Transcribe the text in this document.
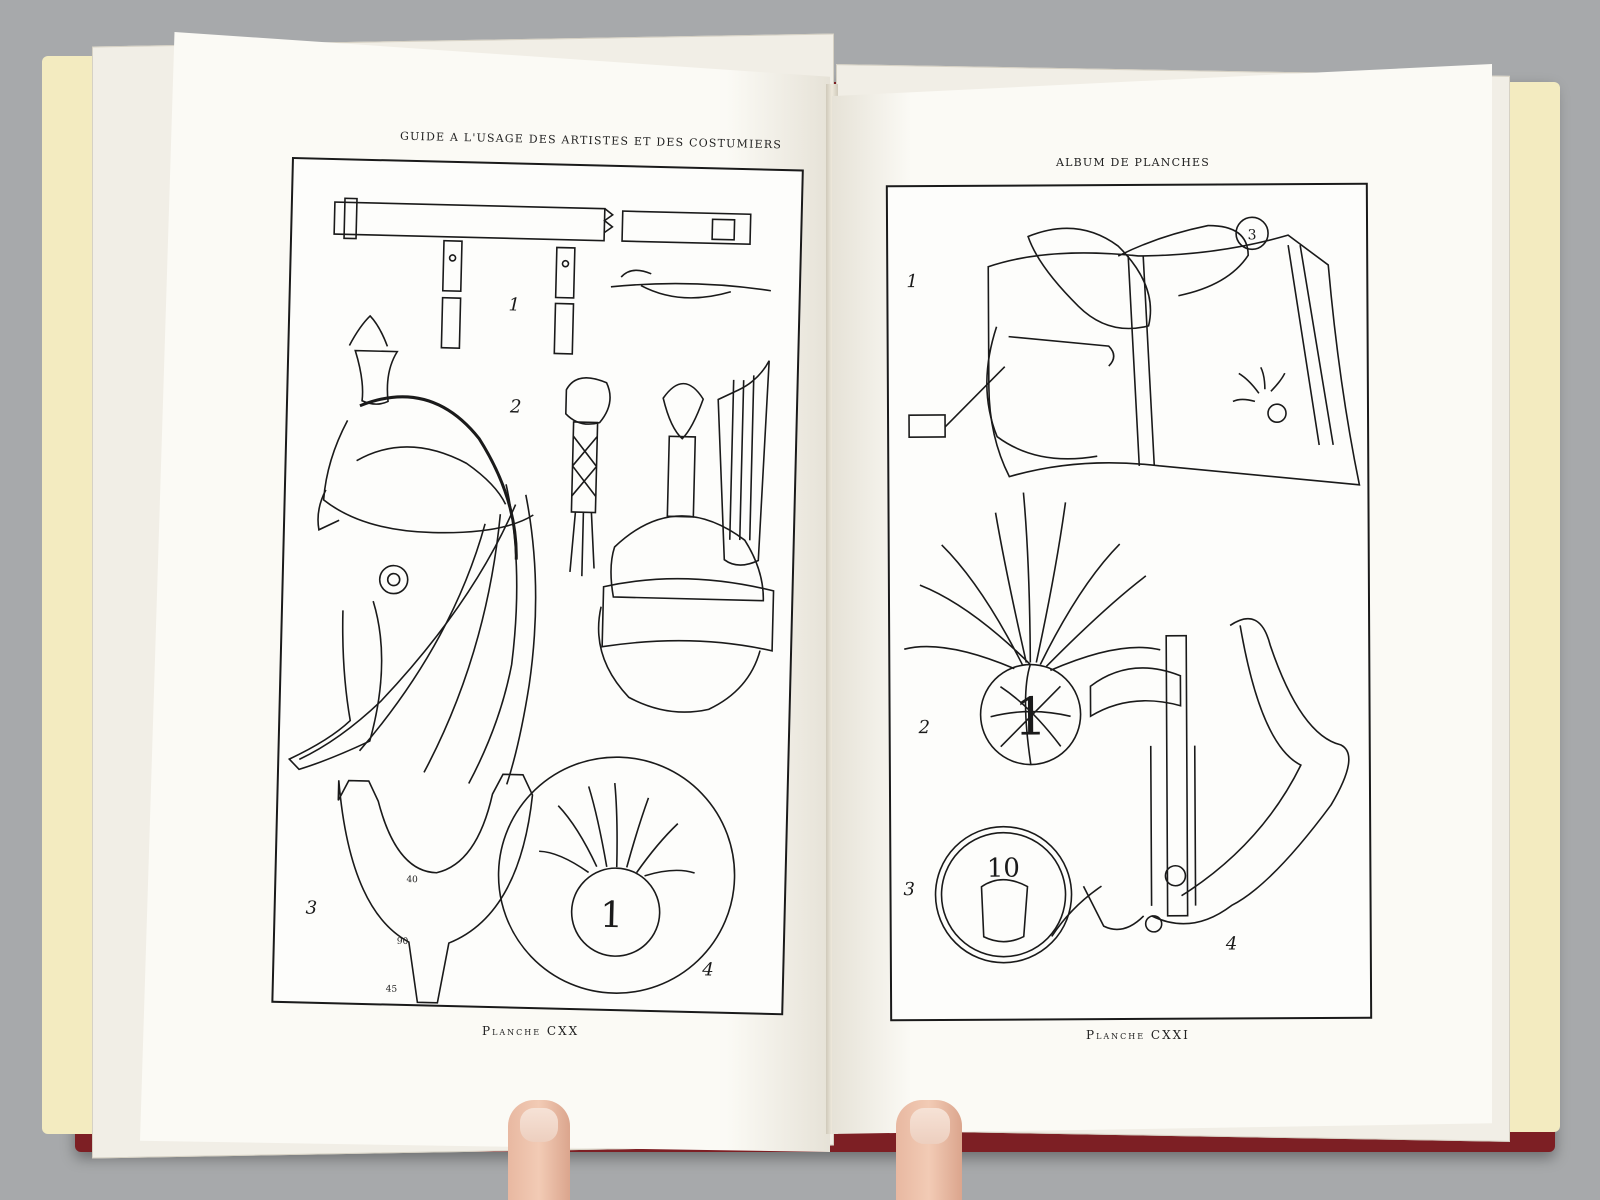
GUIDE A L'USAGE DES ARTISTES ET DES COSTUMIERS
1
40
90
45
1
2
3
4
Planche CXX
ALBUM DE PLANCHES
3
1
10
1
2
3
4
Planche CXXI
